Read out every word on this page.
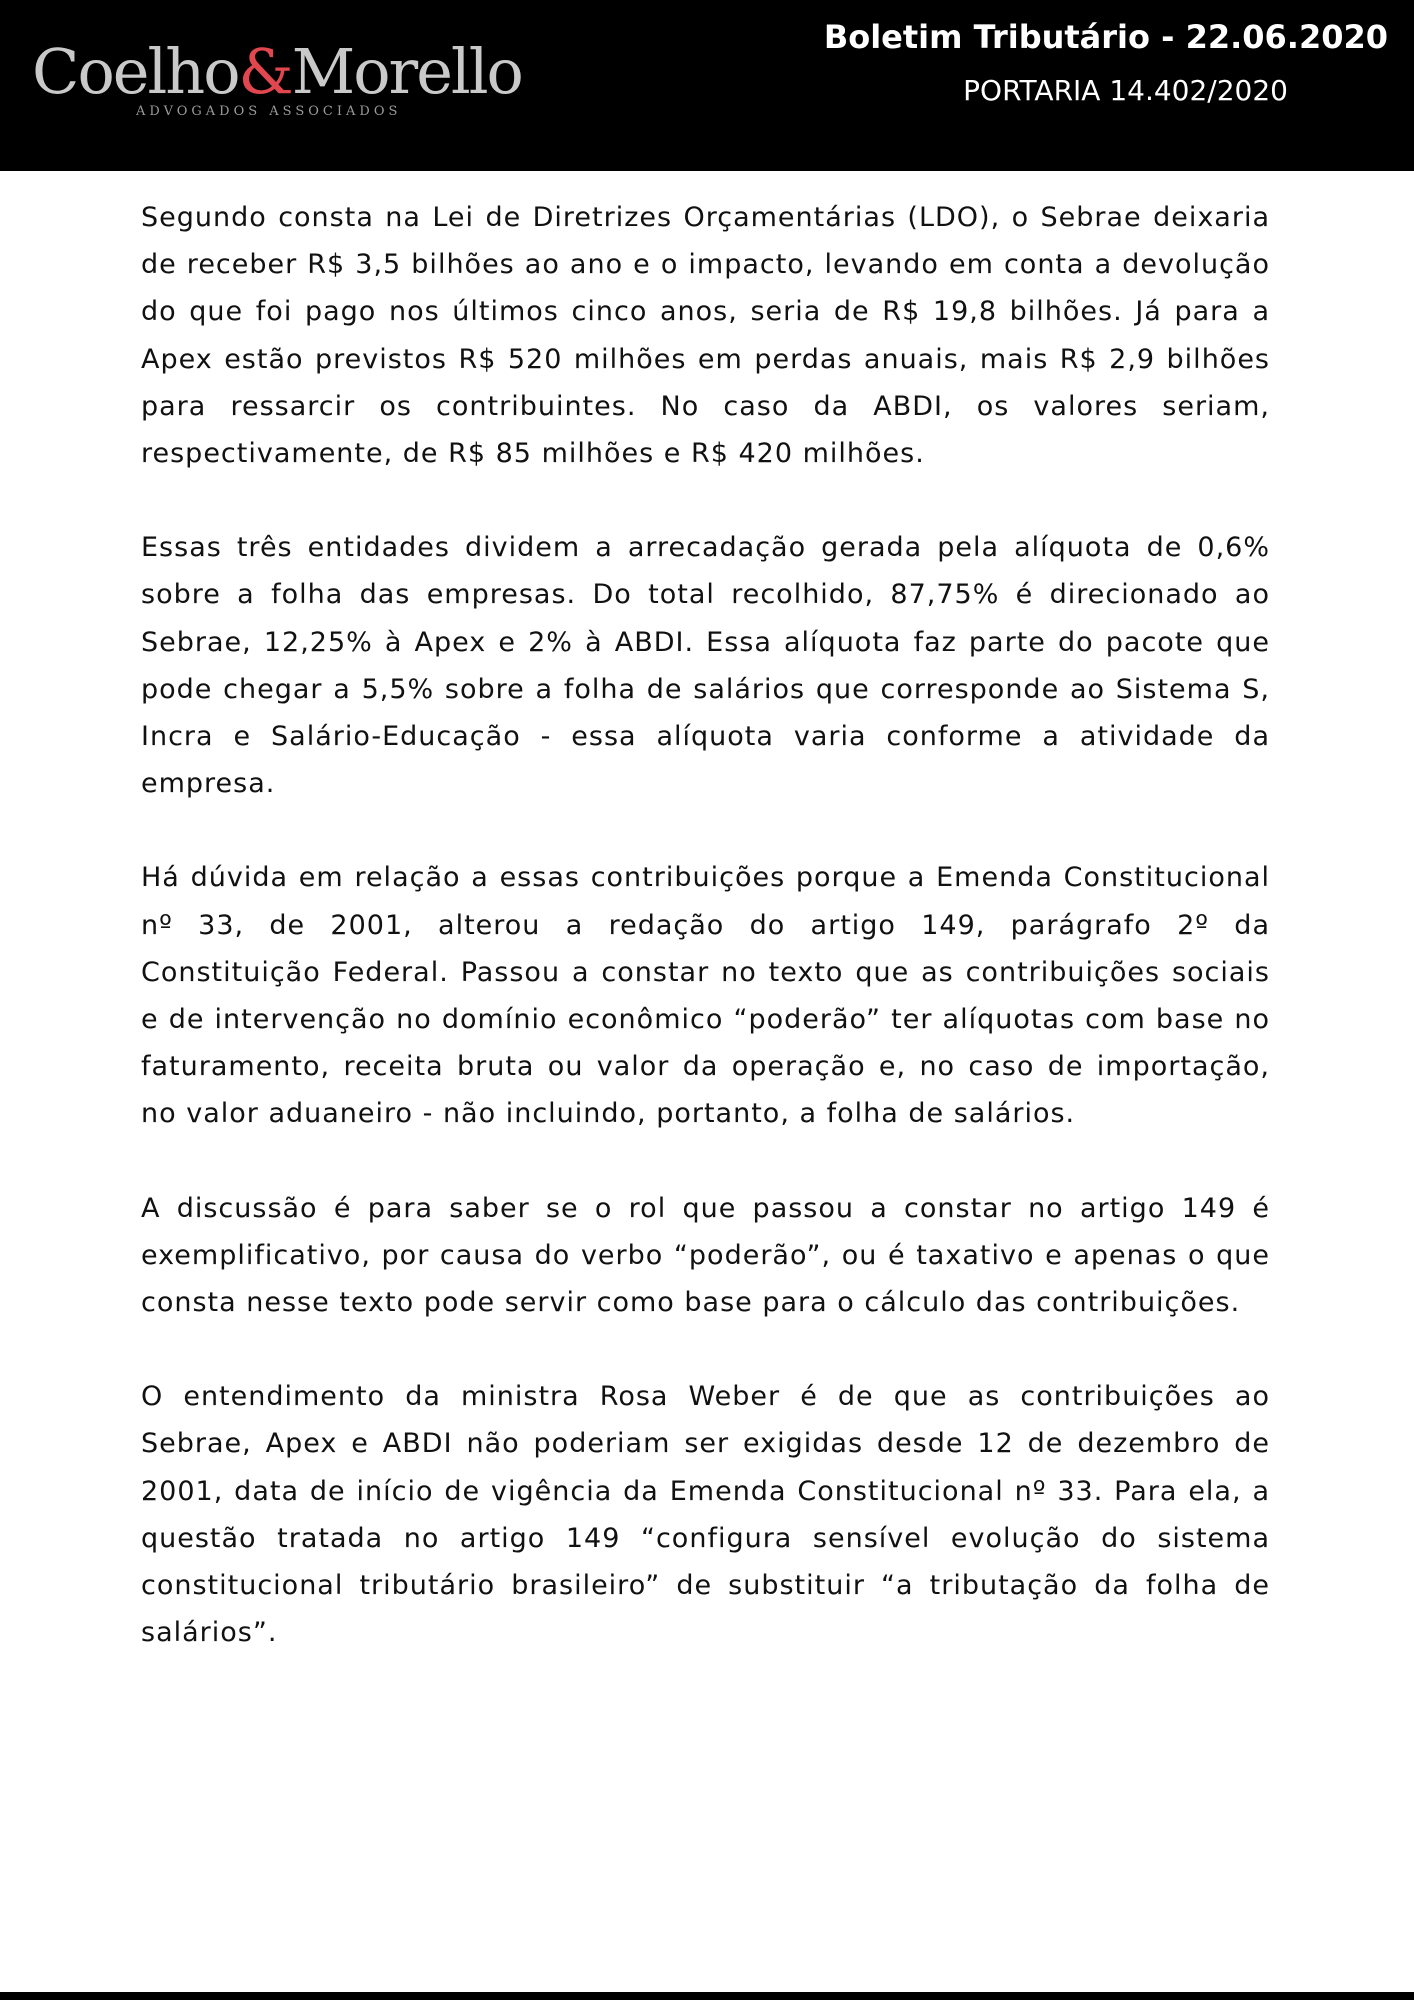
Coelho&Morello
ADVOGADOS ASSOCIADOS
Boletim Tributário - 22.06.2020
PORTARIA 14.402/2020

Segundo consta na Lei de Diretrizes Orçamentárias (LDO), o Sebrae deixaria de receber R$ 3,5 bilhões ao ano e o impacto, levando em conta a devolução do que foi pago nos últimos cinco anos, seria de R$ 19,8 bilhões. Já para a Apex estão previstos R$ 520 milhões em perdas anuais, mais R$ 2,9 bilhões para ressarcir os contribuintes. No caso da ABDI, os valores seriam, respectivamente, de R$ 85 milhões e R$ 420 milhões.

Essas três entidades dividem a arrecadação gerada pela alíquota de 0,6% sobre a folha das empresas. Do total recolhido, 87,75% é direcionado ao Sebrae, 12,25% à Apex e 2% à ABDI. Essa alíquota faz parte do pacote que pode chegar a 5,5% sobre a folha de salários que corresponde ao Sistema S, Incra e Salário-Educação - essa alíquota varia conforme a atividade da empresa.

Há dúvida em relação a essas contribuições porque a Emenda Constitucional nº 33, de 2001, alterou a redação do artigo 149, parágrafo 2º da Constituição Federal. Passou a constar no texto que as contribuições sociais e de intervenção no domínio econômico “poderão” ter alíquotas com base no faturamento, receita bruta ou valor da operação e, no caso de importação, no valor aduaneiro - não incluindo, portanto, a folha de salários.

A discussão é para saber se o rol que passou a constar no artigo 149 é exemplificativo, por causa do verbo “poderão”, ou é taxativo e apenas o que consta nesse texto pode servir como base para o cálculo das contribuições.

O entendimento da ministra Rosa Weber é de que as contribuições ao Sebrae, Apex e ABDI não poderiam ser exigidas desde 12 de dezembro de 2001, data de início de vigência da Emenda Constitucional nº 33. Para ela, a questão tratada no artigo 149 “configura sensível evolução do sistema constitucional tributário brasileiro” de substituir “a tributação da folha de salários”.
